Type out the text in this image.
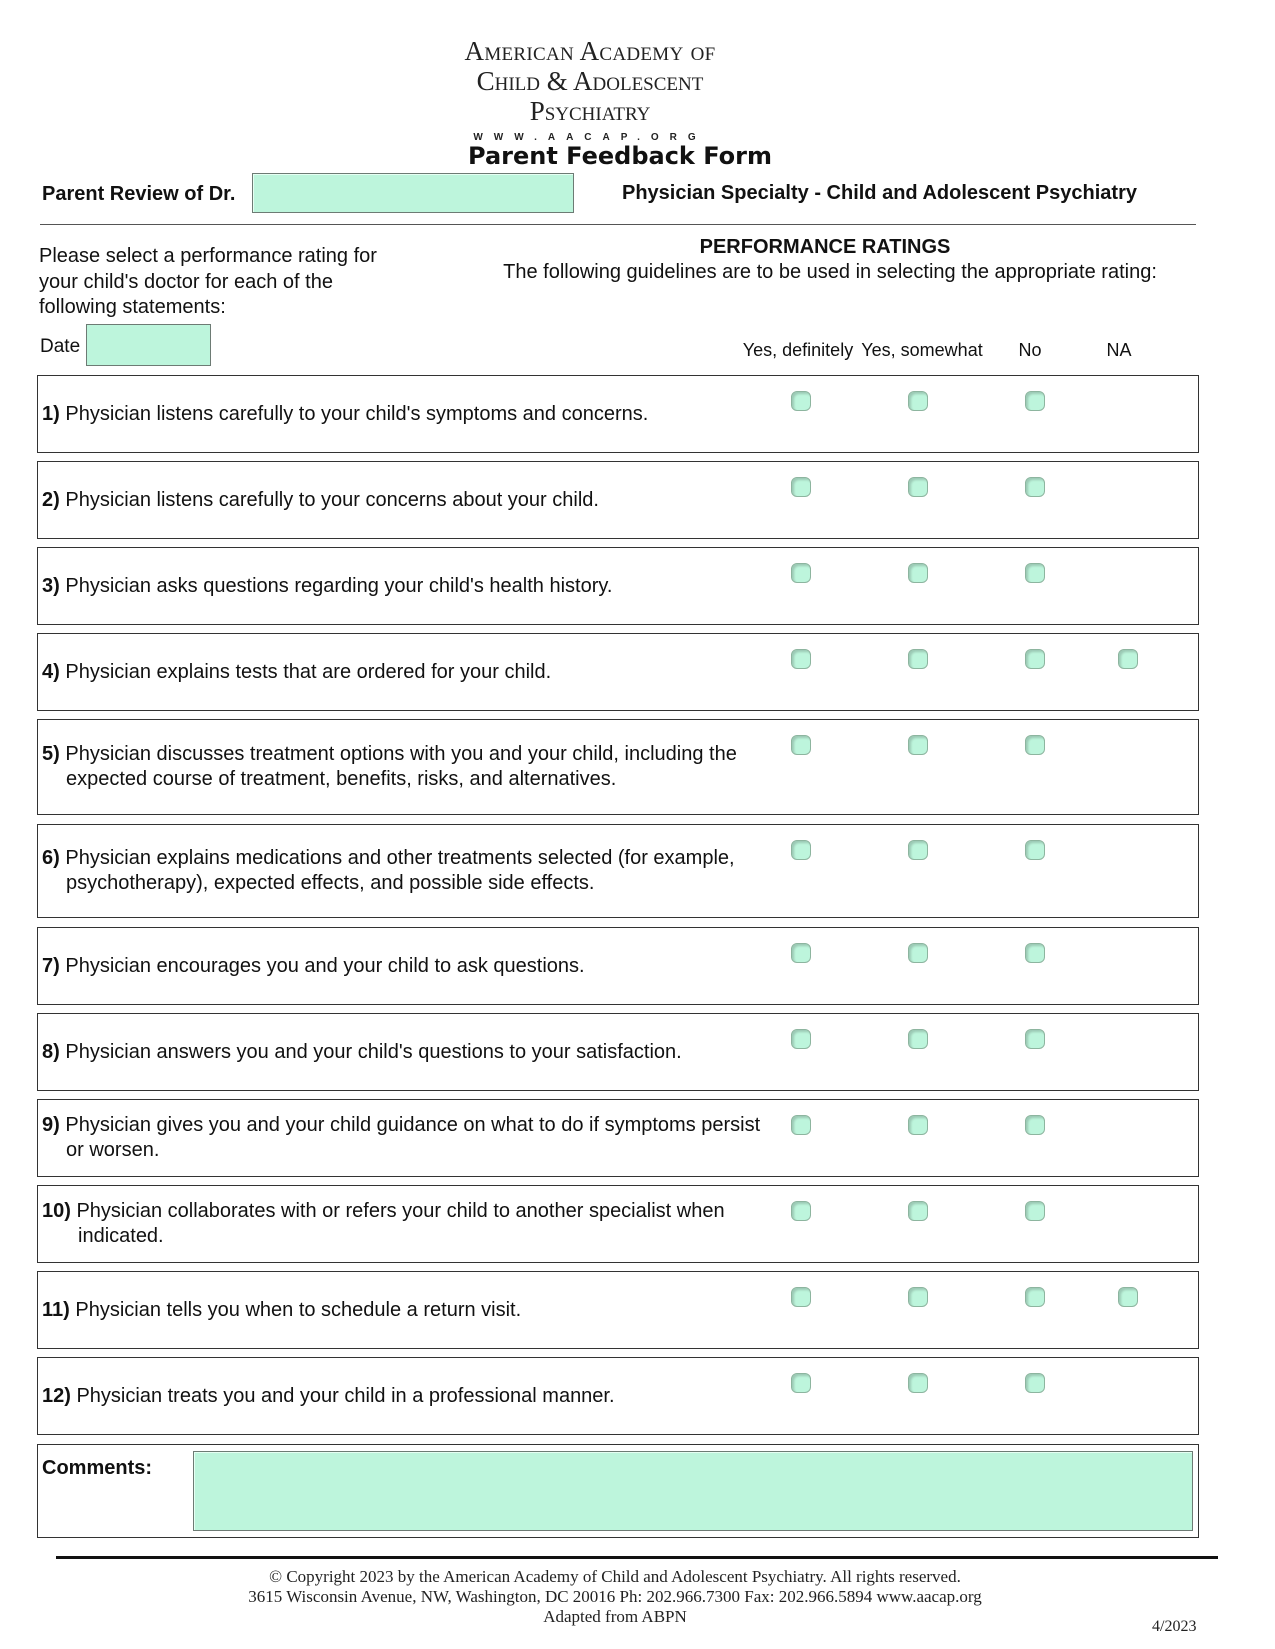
American Academy of
Child & Adolescent
Psychiatry
WWW.AACAP.ORG
Parent Feedback Form
Parent Review of Dr.	Physician Specialty - Child and Adolescent Psychiatry
Please select a performance rating for your child's doctor for each of the following statements:
PERFORMANCE RATINGS
The following guidelines are to be used in selecting the appropriate rating:
Date	Yes, definitely Yes, somewhat	No	NA
1) Physician listens carefully to your child's symptoms and concerns.
2) Physician listens carefully to your concerns about your child.
3) Physician asks questions regarding your child's health history.
4) Physician explains tests that are ordered for your child.
5) Physician discusses treatment options with you and your child, including the
expected course of treatment, benefits, risks, and alternatives.
6) Physician explains medications and other treatments selected (for example,
psychotherapy), expected effects, and possible side effects.
7) Physician encourages you and your child to ask questions.
8) Physician answers you and your child's questions to your satisfaction.
9) Physician gives you and your child guidance on what to do if symptoms persist
or worsen.
10) Physician collaborates with or refers your child to another specialist when
indicated.
11) Physician tells you when to schedule a return visit.
12) Physician treats you and your child in a professional manner.
Comments:
© Copyright 2023 by the American Academy of Child and Adolescent Psychiatry. All rights reserved.
3615 Wisconsin Avenue, NW, Washington, DC 20016 Ph: 202.966.7300 Fax: 202.966.5894 www.aacap.org
Adapted from ABPN
4/2023
